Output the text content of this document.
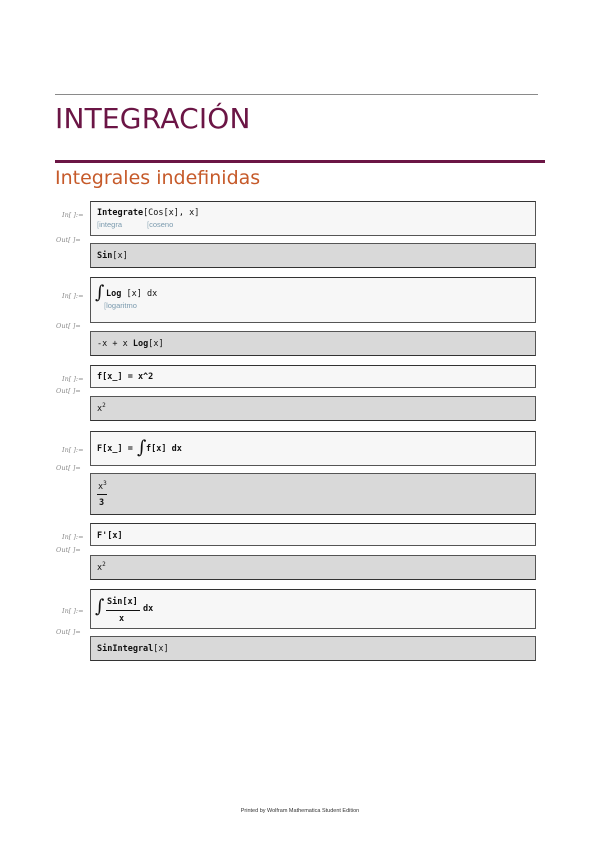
INTEGRACIÓN
Integrales indefinidas
In[ ]:= Integrate[Cos[x], x]
[integra	[coseno
Out[ ]=
Sin[x]
In[ ]:= ∫ Log [x] dx
[logaritmo
Out[ ]=
-x + x Log[x]
In[ ]:= f[x_] = x^2
Out[ ]=
$x^2$
In[ ]:= F[x_] = ∫ f[x] dx
Out[ ]=
$x^3$
3
In[ ]:= F'[x]
Out[ ]=
$x^2$
In[ ]:= ∫ Sin[x]
x
dx
Out[ ]=
SinIntegral[x]
Printed by Wolfram Mathematica Student Edition
